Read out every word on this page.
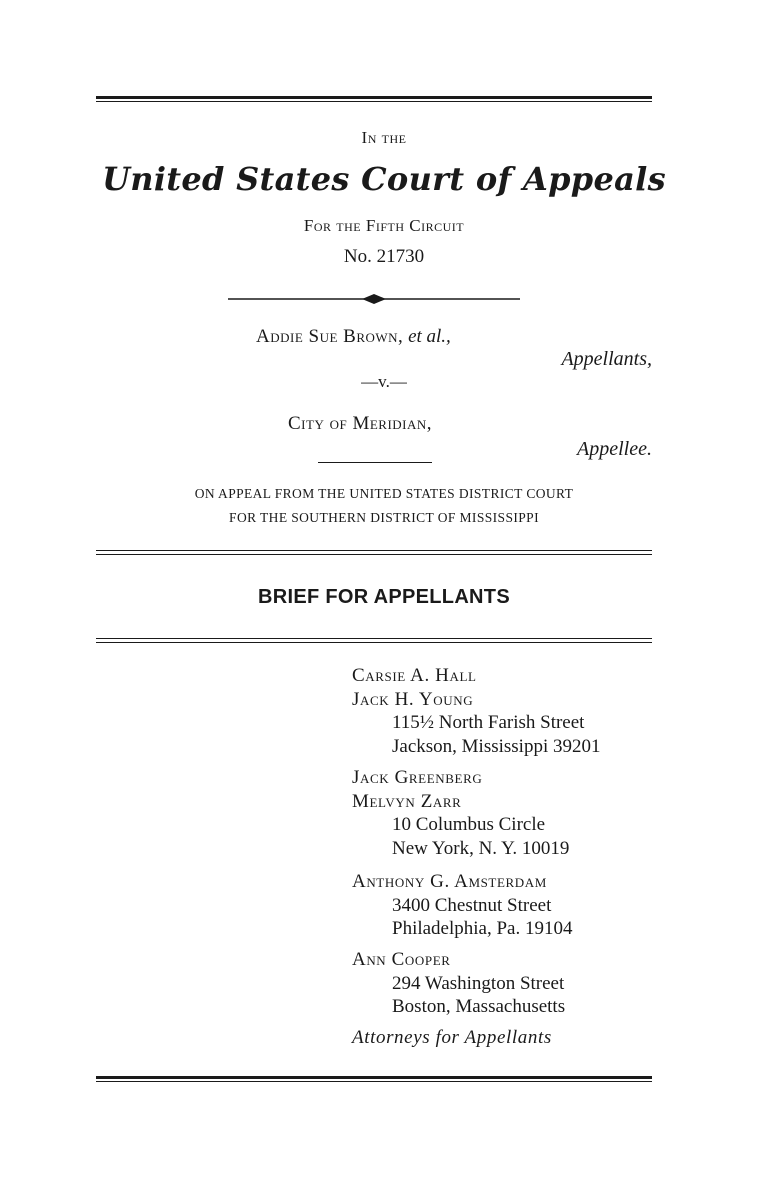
In the
United States Court of Appeals
For the Fifth Circuit
No. 21730
Addie Sue Brown, et al.,
Appellants,
—v.—
City of Meridian,
Appellee.
ON APPEAL FROM THE UNITED STATES DISTRICT COURT
FOR THE SOUTHERN DISTRICT OF MISSISSIPPI
BRIEF FOR APPELLANTS
Carsie A. Hall
Jack H. Young
115½ North Farish Street
Jackson, Mississippi 39201
Jack Greenberg
Melvyn Zarr
10 Columbus Circle
New York, N. Y. 10019
Anthony G. Amsterdam
3400 Chestnut Street
Philadelphia, Pa. 19104
Ann Cooper
294 Washington Street
Boston, Massachusetts
Attorneys for Appellants
